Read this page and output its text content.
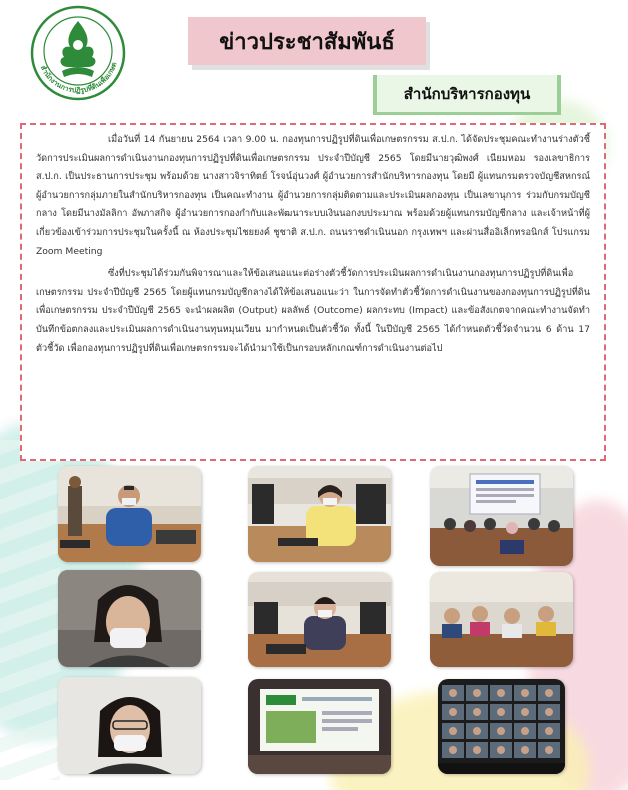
สำนักงานการปฏิรูปที่ดินเพื่อเกษต
ข่าวประชาสัมพันธ์
สำนักบริหารกองทุน

เมื่อวันที่ 14 กันยายน 2564 เวลา 9.00 น. กองทุนการปฏิรูปที่ดินเพื่อเกษตรกรรม ส.ป.ก. ได้จัดประชุมคณะทำงานร่างตัวชี้วัดการประเมินผลการดำเนินงานกองทุนการปฏิรูปที่ดินเพื่อเกษตรกรรม ประจำปีบัญชี 2565 โดยมีนายวุฒิพงศ์ เนียมหอม รองเลขาธิการ ส.ป.ก. เป็นประธานการประชุม พร้อมด้วย นางสาวจิราทิตย์ โรจน์อุ่นวงศ์ ผู้อำนวยการสำนักบริหารกองทุน โดยมี ผู้แทนกรมตรวจบัญชีสหกรณ์ ผู้อำนวยการกลุ่มภายในสำนักบริหารกองทุน เป็นคณะทำงาน ผู้อำนวยการกลุ่มติดตามและประเมินผลกองทุน เป็นเลขานุการ ร่วมกับกรมบัญชีกลาง โดยมีนางมัลลิกา อัพภาสกิจ ผู้อำนวยการกองกำกับและพัฒนาระบบเงินนอกงบประมาณ พร้อมด้วยผู้แทนกรมบัญชีกลาง และเจ้าหน้าที่ผู้เกี่ยวข้องเข้าร่วมการประชุมในครั้งนี้ ณ ห้องประชุมไชยยงค์ ชูชาติ ส.ป.ก. ถนนราชดำเนินนอก กรุงเทพฯ และผ่านสื่ออิเล็กทรอนิกส์ โปรแกรม Zoom Meeting

ซึ่งที่ประชุมได้ร่วมกันพิจารณาและให้ข้อเสนอแนะต่อร่างตัวชี้วัดการประเมินผลการดำเนินงานกองทุนการปฏิรูปที่ดินเพื่อเกษตรกรรม ประจำปีบัญชี 2565 โดยผู้แทนกรมบัญชีกลางได้ให้ข้อเสนอแนะว่า ในการจัดทำตัวชี้วัดการดำเนินงานของกองทุนการปฏิรูปที่ดินเพื่อเกษตรกรรม ประจำปีบัญชี 2565 จะนำผลผลิต (Output) ผลลัพธ์ (Outcome) ผลกระทบ (Impact) และข้อสังเกตจากคณะทำงานจัดทำบันทึกข้อตกลงและประเมินผลการดำเนินงานทุนหมุนเวียน มากำหนดเป็นตัวชี้วัด ทั้งนี้ ในปีบัญชี 2565 ได้กำหนดตัวชี้วัดจำนวน 6 ด้าน 17 ตัวชี้วัด เพื่อกองทุนการปฏิรูปที่ดินเพื่อเกษตรกรรมจะได้นำมาใช้เป็นกรอบหลักเกณฑ์การดำเนินงานต่อไป
